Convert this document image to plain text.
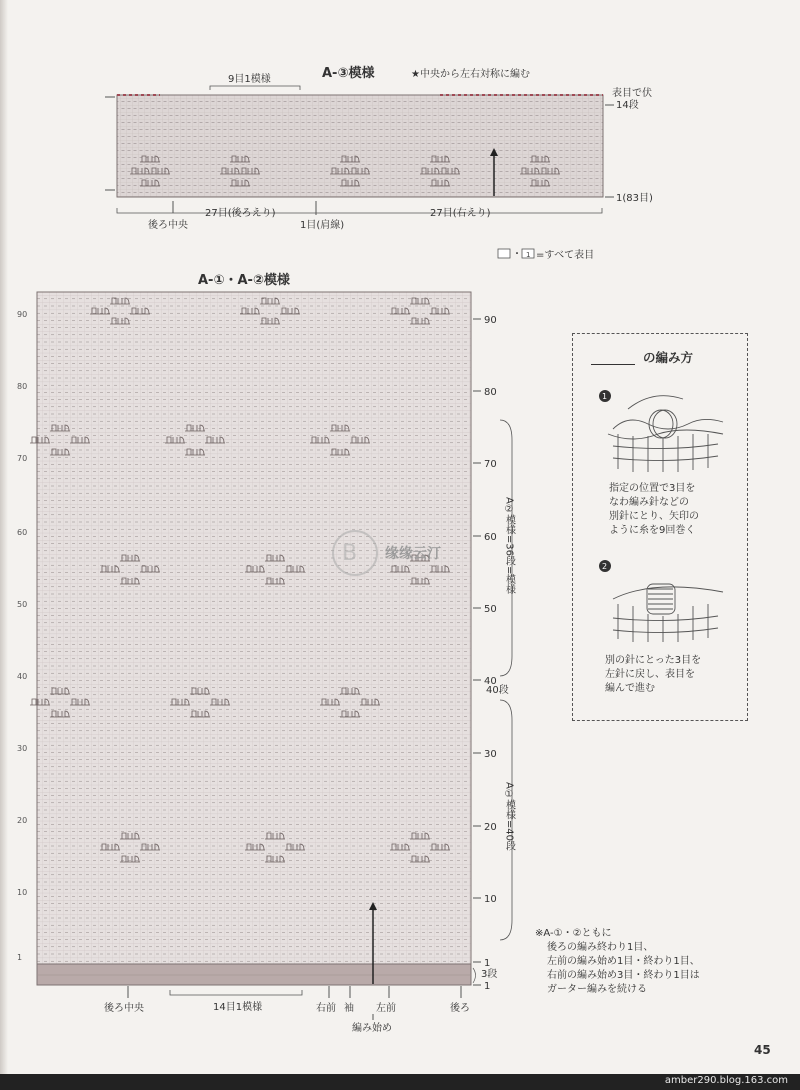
A-③模様	★中央から左右対称に編む
9目1模様
表目で伏
14段
1(83目)
27目(後ろえり)
1目(肩線)
27目(右えり)
後ろ中央
・ 1 =すべて表目
A-①・A-②模様
90
80
70
60
50
40
30
20
10
1
90
80
70
60
50
40
30
20
10
1
1
3段
A②模様=36段=模様
40段
A①模様=40段
14目1模様
後ろ中央	右前 袖 左前	後ろ
編み始め
B 缘缘云汀
の編み方
1
2

指定の位置で3目を
なわ編み針などの
別針にとり、矢印の
ように糸を9回巻く

別の針にとった3目を
左針に戻し、表目を
編んで進む

※A-①・②ともに
後ろの編み終わり1目、
左前の編み始め1目・終わり1目、
右前の編み始め3目・終わり1目は
ガーター編みを続ける
45
amber290.blog.163.com
